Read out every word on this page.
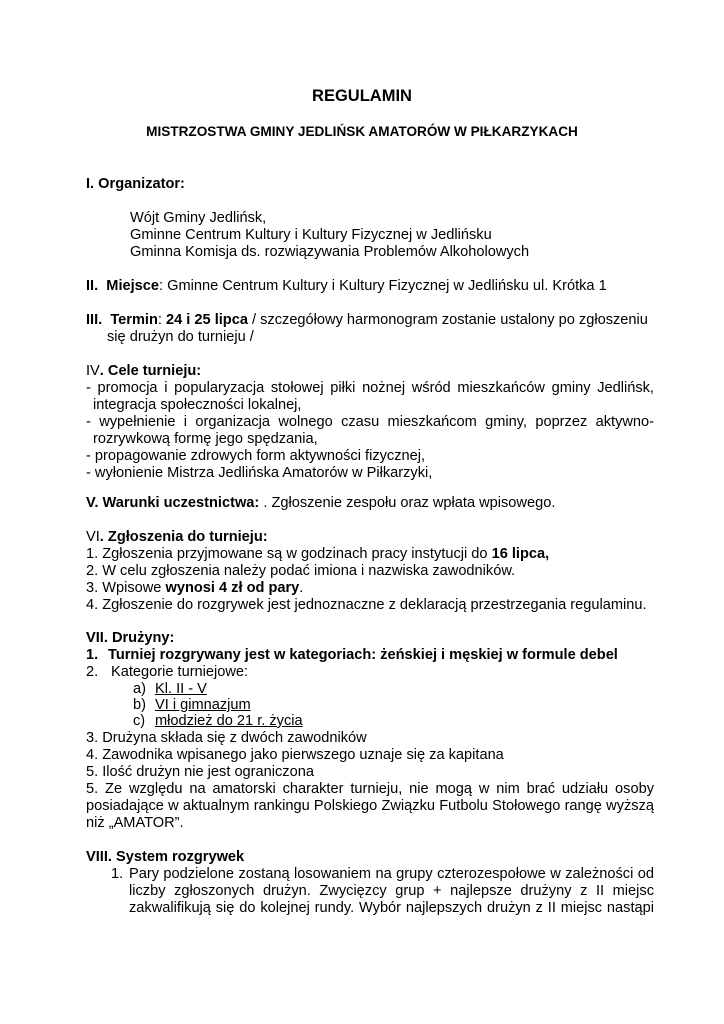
REGULAMIN
MISTRZOSTWA GMINY JEDLIŃSK AMATORÓW W PIŁKARZYKACH
I. Organizator:
Wójt Gminy Jedlińsk,
Gminne Centrum Kultury i Kultury Fizycznej w Jedlińsku
Gminna Komisja ds. rozwiązywania Problemów Alkoholowych
II. Miejsce: Gminne Centrum Kultury i Kultury Fizycznej w Jedlińsku ul. Krótka 1
III. Termin: 24 i 25 lipca / szczegółowy harmonogram zostanie ustalony po zgłoszeniu
się drużyn do turnieju /
IV. Cele turnieju:
- promocja i popularyzacja stołowej piłki nożnej wśród mieszkańców gminy Jedlińsk,
integracja społeczności lokalnej,
- wypełnienie i organizacja wolnego czasu mieszkańcom gminy, poprzez aktywno-
rozrywkową formę jego spędzania,
- propagowanie zdrowych form aktywności fizycznej,
- wyłonienie Mistrza Jedlińska Amatorów w Piłkarzyki,
V. Warunki uczestnictwa: . Zgłoszenie zespołu oraz wpłata wpisowego.
VI. Zgłoszenia do turnieju:
1. Zgłoszenia przyjmowane są w godzinach pracy instytucji do 16 lipca,
2. W celu zgłoszenia należy podać imiona i nazwiska zawodników.
3. Wpisowe wynosi 4 zł od pary.
4. Zgłoszenie do rozgrywek jest jednoznaczne z deklaracją przestrzegania regulaminu.
VII. Drużyny:
1. Turniej rozgrywany jest w kategoriach: żeńskiej i męskiej w formule debel
2. Kategorie turniejowe:
a) Kl. II - V
b) VI i gimnazjum
c) młodzież do 21 r. życia
3. Drużyna składa się z dwóch zawodników
4. Zawodnika wpisanego jako pierwszego uznaje się za kapitana
5. Ilość drużyn nie jest ograniczona
5. Ze względu na amatorski charakter turnieju, nie mogą w nim brać udziału osoby
posiadające w aktualnym rankingu Polskiego Związku Futbolu Stołowego rangę wyższą
niż „AMATOR”.
VIII. System rozgrywek
1. Pary podzielone zostaną losowaniem na grupy czterozespołowe w zależności od
liczby zgłoszonych drużyn. Zwycięzcy grup + najlepsze drużyny z II miejsc
zakwalifikują się do kolejnej rundy. Wybór najlepszych drużyn z II miejsc nastąpi
